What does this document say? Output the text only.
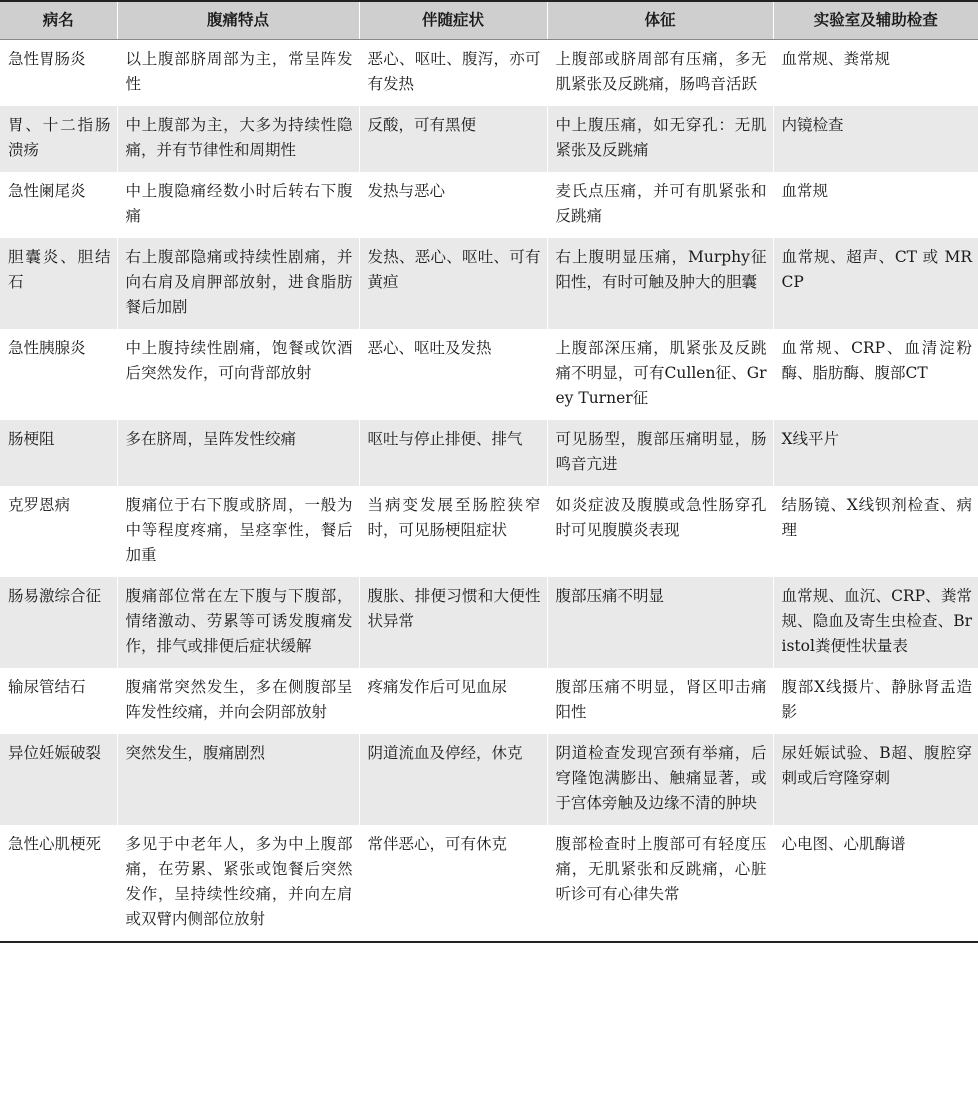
病名	腹痛特点	伴随症状	体征	实验室及辅助检查
急性胃肠炎	以上腹部脐周部为主，常呈阵发性	恶心、呕吐、腹泻，亦可有发热	上腹部或脐周部有压痛，多无肌紧张及反跳痛，肠鸣音活跃	血常规、粪常规
胃、十二指肠溃疡	中上腹部为主，大多为持续性隐痛，并有节律性和周期性	反酸，可有黑便	中上腹压痛，如无穿孔：无肌紧张及反跳痛	内镜检查
急性阑尾炎	中上腹隐痛经数小时后转右下腹痛	发热与恶心	麦氏点压痛，并可有肌紧张和反跳痛	血常规
胆囊炎、胆结石	右上腹部隐痛或持续性剧痛，并向右肩及肩胛部放射，进食脂肪餐后加剧	发热、恶心、呕吐、可有黄疸	右上腹明显压痛，Murphy征阳性，有时可触及肿大的胆囊	血常规、超声、CT 或 MRCP
急性胰腺炎	中上腹持续性剧痛，饱餐或饮酒后突然发作，可向背部放射	恶心、呕吐及发热	上腹部深压痛，肌紧张及反跳痛不明显，可有Cullen征、Grey Turner征	血常规、CRP、血清淀粉酶、脂肪酶、腹部CT
肠梗阻	多在脐周，呈阵发性绞痛	呕吐与停止排便、排气	可见肠型，腹部压痛明显，肠鸣音亢进	X线平片
克罗恩病	腹痛位于右下腹或脐周，一般为中等程度疼痛，呈痉挛性，餐后加重	当病变发展至肠腔狭窄时，可见肠梗阻症状	如炎症波及腹膜或急性肠穿孔时可见腹膜炎表现	结肠镜、X线钡剂检查、病理
肠易激综合征	腹痛部位常在左下腹与下腹部，情绪激动、劳累等可诱发腹痛发作，排气或排便后症状缓解	腹胀、排便习惯和大便性状异常	腹部压痛不明显	血常规、血沉、CRP、粪常规、隐血及寄生虫检查、Bristol粪便性状量表
输尿管结石	腹痛常突然发生，多在侧腹部呈阵发性绞痛，并向会阴部放射	疼痛发作后可见血尿	腹部压痛不明显，肾区叩击痛阳性	腹部X线摄片、静脉肾盂造影
异位妊娠破裂	突然发生，腹痛剧烈	阴道流血及停经，休克	阴道检查发现宫颈有举痛，后穹隆饱满膨出、触痛显著，或于宫体旁触及边缘不清的肿块	尿妊娠试验、B超、腹腔穿刺或后穹隆穿刺
急性心肌梗死	多见于中老年人，多为中上腹部痛，在劳累、紧张或饱餐后突然发作，呈持续性绞痛，并向左肩或双臂内侧部位放射	常伴恶心，可有休克	腹部检查时上腹部可有轻度压痛，无肌紧张和反跳痛，心脏听诊可有心律失常	心电图、心肌酶谱
